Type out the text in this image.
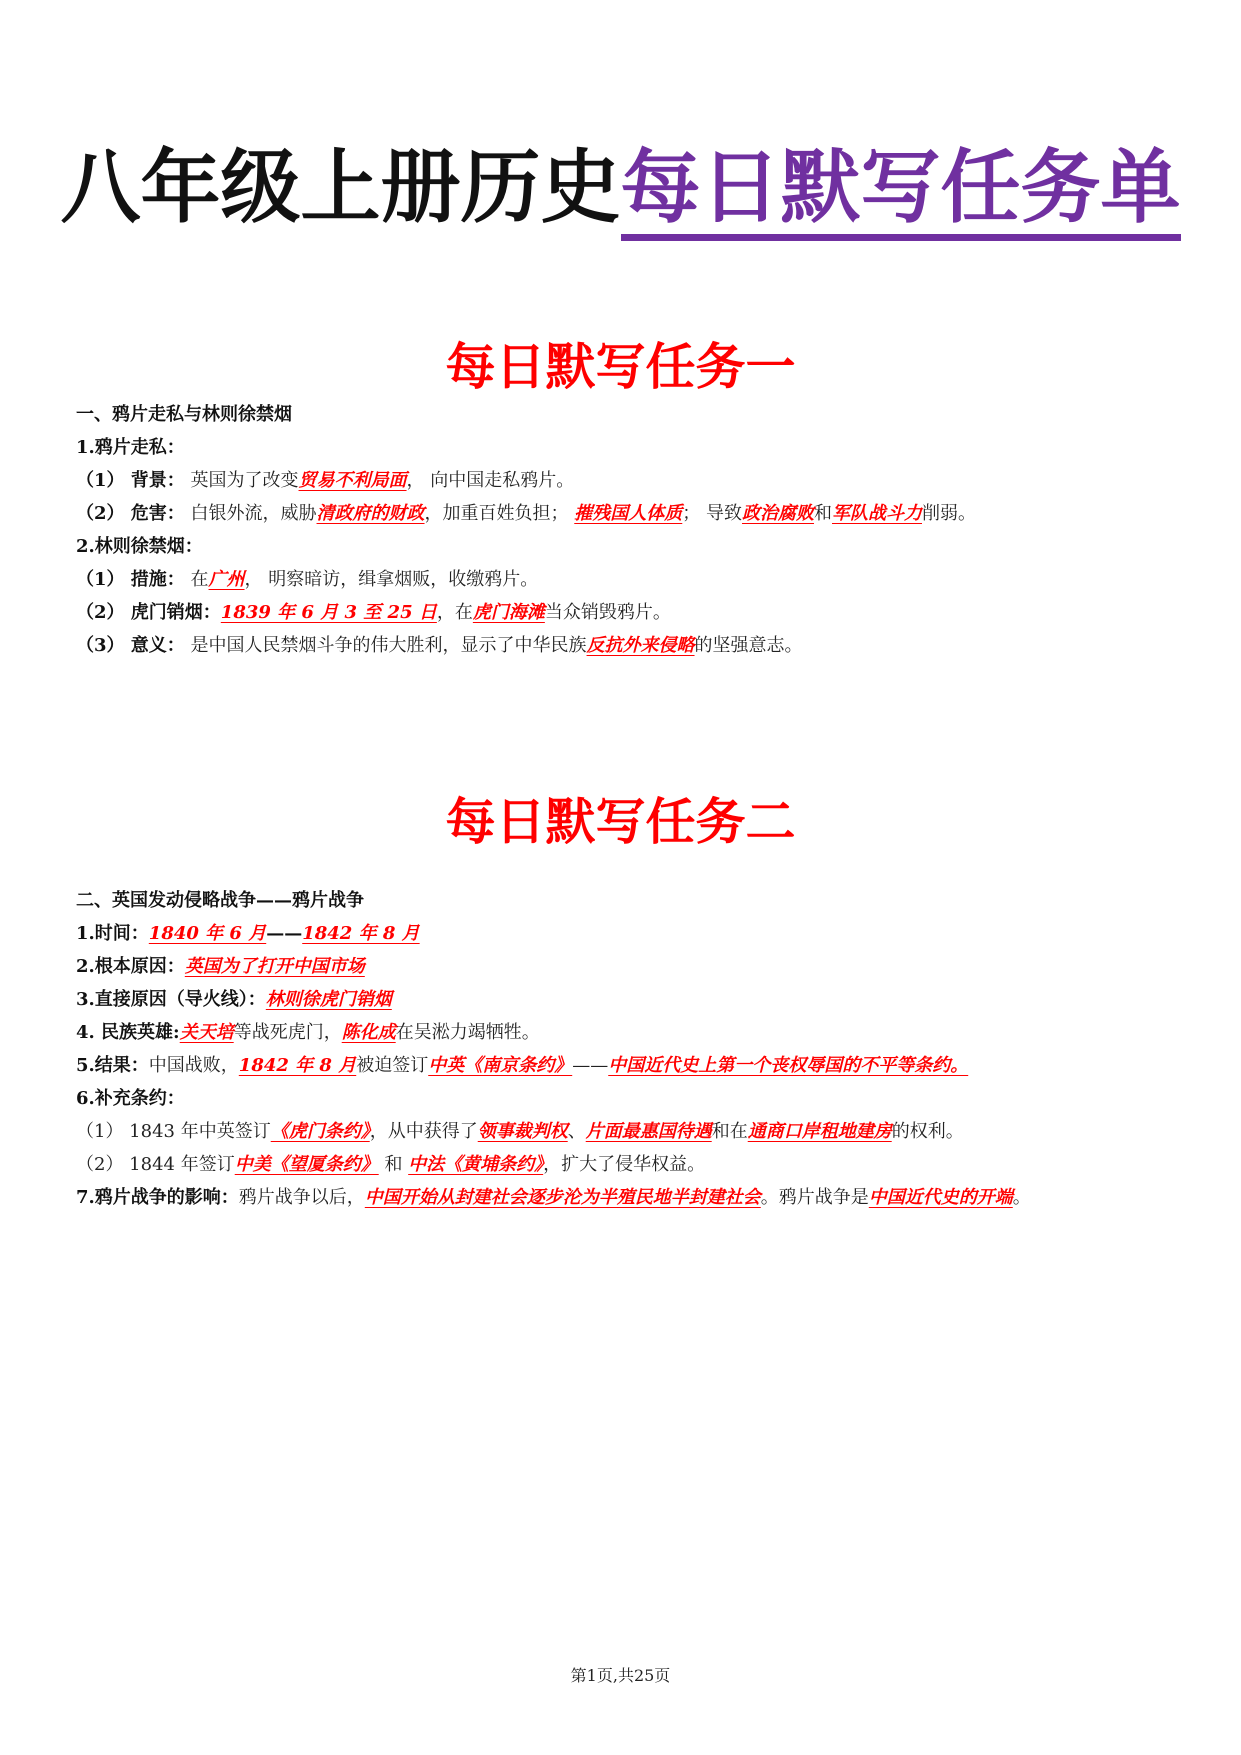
八年级上册历史每日默写任务单
每日默写任务一
一、鸦片走私与林则徐禁烟
1.鸦片走私：
（1） 背景： 英国为了改变贸易不利局面， 向中国走私鸦片。
（2） 危害： 白银外流，威胁清政府的财政，加重百姓负担； 摧残国人体质； 导致政治腐败和军队战斗力削弱。
2.林则徐禁烟：
（1） 措施： 在广州， 明察暗访，缉拿烟贩，收缴鸦片。
（2） 虎门销烟：1839 年 6 月 3 至 25 日，在虎门海滩当众销毁鸦片。
（3） 意义： 是中国人民禁烟斗争的伟大胜利，显示了中华民族反抗外来侵略的坚强意志。
每日默写任务二
二、英国发动侵略战争——鸦片战争
1.时间：1840 年 6 月——1842 年 8 月
2.根本原因：英国为了打开中国市场
3.直接原因（导火线）：林则徐虎门销烟
4. 民族英雄:关天培等战死虎门，陈化成在吴淞力竭牺牲。
5.结果：中国战败，1842 年 8 月被迫签订中英《南京条约》——中国近代史上第一个丧权辱国的不平等条约。
6.补充条约：
（1） 1843 年中英签订《虎门条约》，从中获得了领事裁判权、片面最惠国待遇和在通商口岸租地建房的权利。
（2） 1844 年签订中美《望厦条约》 和 中法《黄埔条约》，扩大了侵华权益。
7.鸦片战争的影响：鸦片战争以后，中国开始从封建社会逐步沦为半殖民地半封建社会。鸦片战争是中国近代史的开端。
第1页,共25页
